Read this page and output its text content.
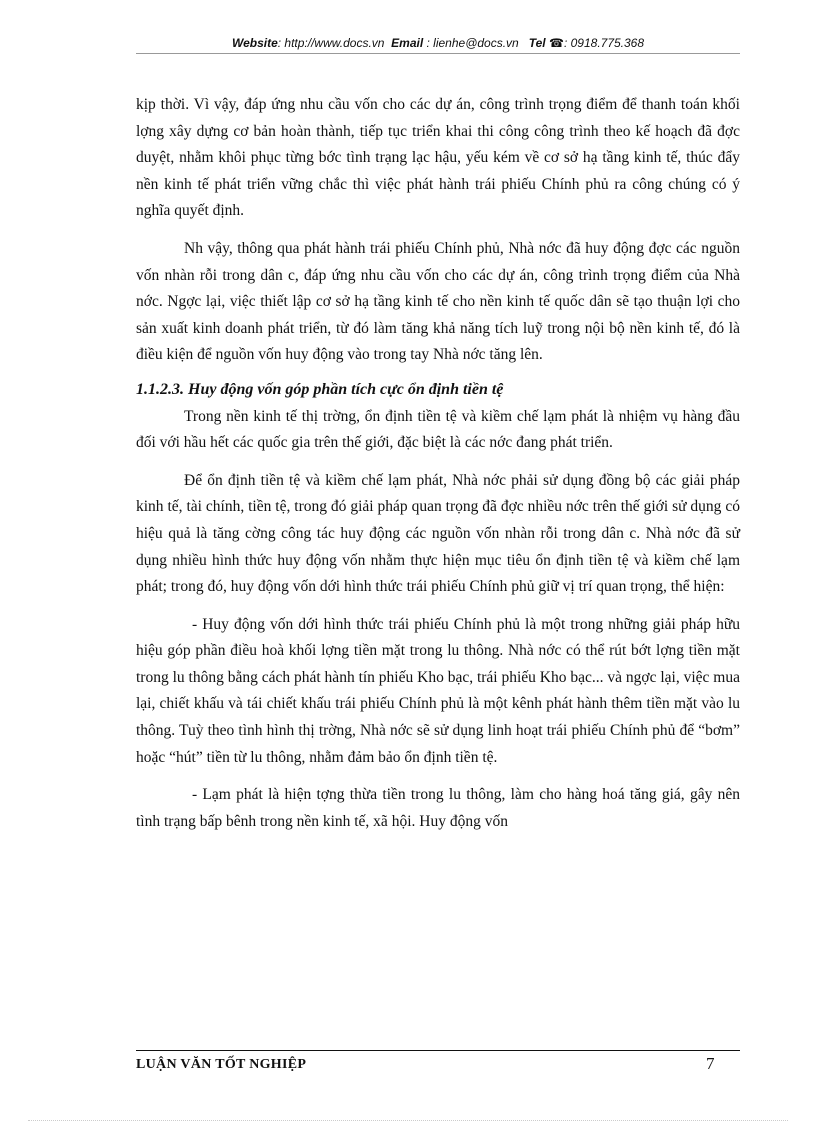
Website: http://www.docs.vn Email : lienhe@docs.vn Tel ☎: 0918.775.368

kịp thời. Vì vậy, đáp ứng nhu cầu vốn cho các dự án, công trình trọng điểm để thanh toán khối lợng xây dựng cơ bản hoàn thành, tiếp tục triển khai thi công công trình theo kế hoạch đã đợc duyệt, nhằm khôi phục từng bớc tình trạng lạc hậu, yếu kém về cơ sở hạ tầng kinh tế, thúc đẩy nền kinh tế phát triển vững chắc thì việc phát hành trái phiếu Chính phủ ra công chúng có ý nghĩa quyết định.

Nh vậy, thông qua phát hành trái phiếu Chính phủ, Nhà nớc đã huy động đợc các nguồn vốn nhàn rỗi trong dân c, đáp ứng nhu cầu vốn cho các dự án, công trình trọng điểm của Nhà nớc. Ngợc lại, việc thiết lập cơ sở hạ tầng kinh tế cho nền kinh tế quốc dân sẽ tạo thuận lợi cho sản xuất kinh doanh phát triển, từ đó làm tăng khả năng tích luỹ trong nội bộ nền kinh tế, đó là điều kiện để nguồn vốn huy động vào trong tay Nhà nớc tăng lên.

1.1.2.3. Huy động vốn góp phần tích cực ổn định tiền tệ

Trong nền kinh tế thị trờng, ổn định tiền tệ và kiềm chế lạm phát là nhiệm vụ hàng đầu đối với hầu hết các quốc gia trên thế giới, đặc biệt là các nớc đang phát triển.

Để ổn định tiền tệ và kiềm chế lạm phát, Nhà nớc phải sử dụng đồng bộ các giải pháp kinh tế, tài chính, tiền tệ, trong đó giải pháp quan trọng đã đợc nhiều nớc trên thế giới sử dụng có hiệu quả là tăng cờng công tác huy động các nguồn vốn nhàn rỗi trong dân c. Nhà nớc đã sử dụng nhiều hình thức huy động vốn nhằm thực hiện mục tiêu ổn định tiền tệ và kiềm chế lạm phát; trong đó, huy động vốn dới hình thức trái phiếu Chính phủ giữ vị trí quan trọng, thể hiện:

- Huy động vốn dới hình thức trái phiếu Chính phủ là một trong những giải pháp hữu hiệu góp phần điều hoà khối lợng tiền mặt trong lu thông. Nhà nớc có thể rút bớt lợng tiền mặt trong lu thông bằng cách phát hành tín phiếu Kho bạc, trái phiếu Kho bạc... và ngợc lại, việc mua lại, chiết khấu và tái chiết khấu trái phiếu Chính phủ là một kênh phát hành thêm tiền mặt vào lu thông. Tuỳ theo tình hình thị trờng, Nhà nớc sẽ sử dụng linh hoạt trái phiếu Chính phủ để “bơm” hoặc “hút” tiền từ lu thông, nhằm đảm bảo ổn định tiền tệ.

- Lạm phát là hiện tợng thừa tiền trong lu thông, làm cho hàng hoá tăng giá, gây nên tình trạng bấp bênh trong nền kinh tế, xã hội. Huy động vốn

LUẬN VĂN TỐT NGHIỆP	7
